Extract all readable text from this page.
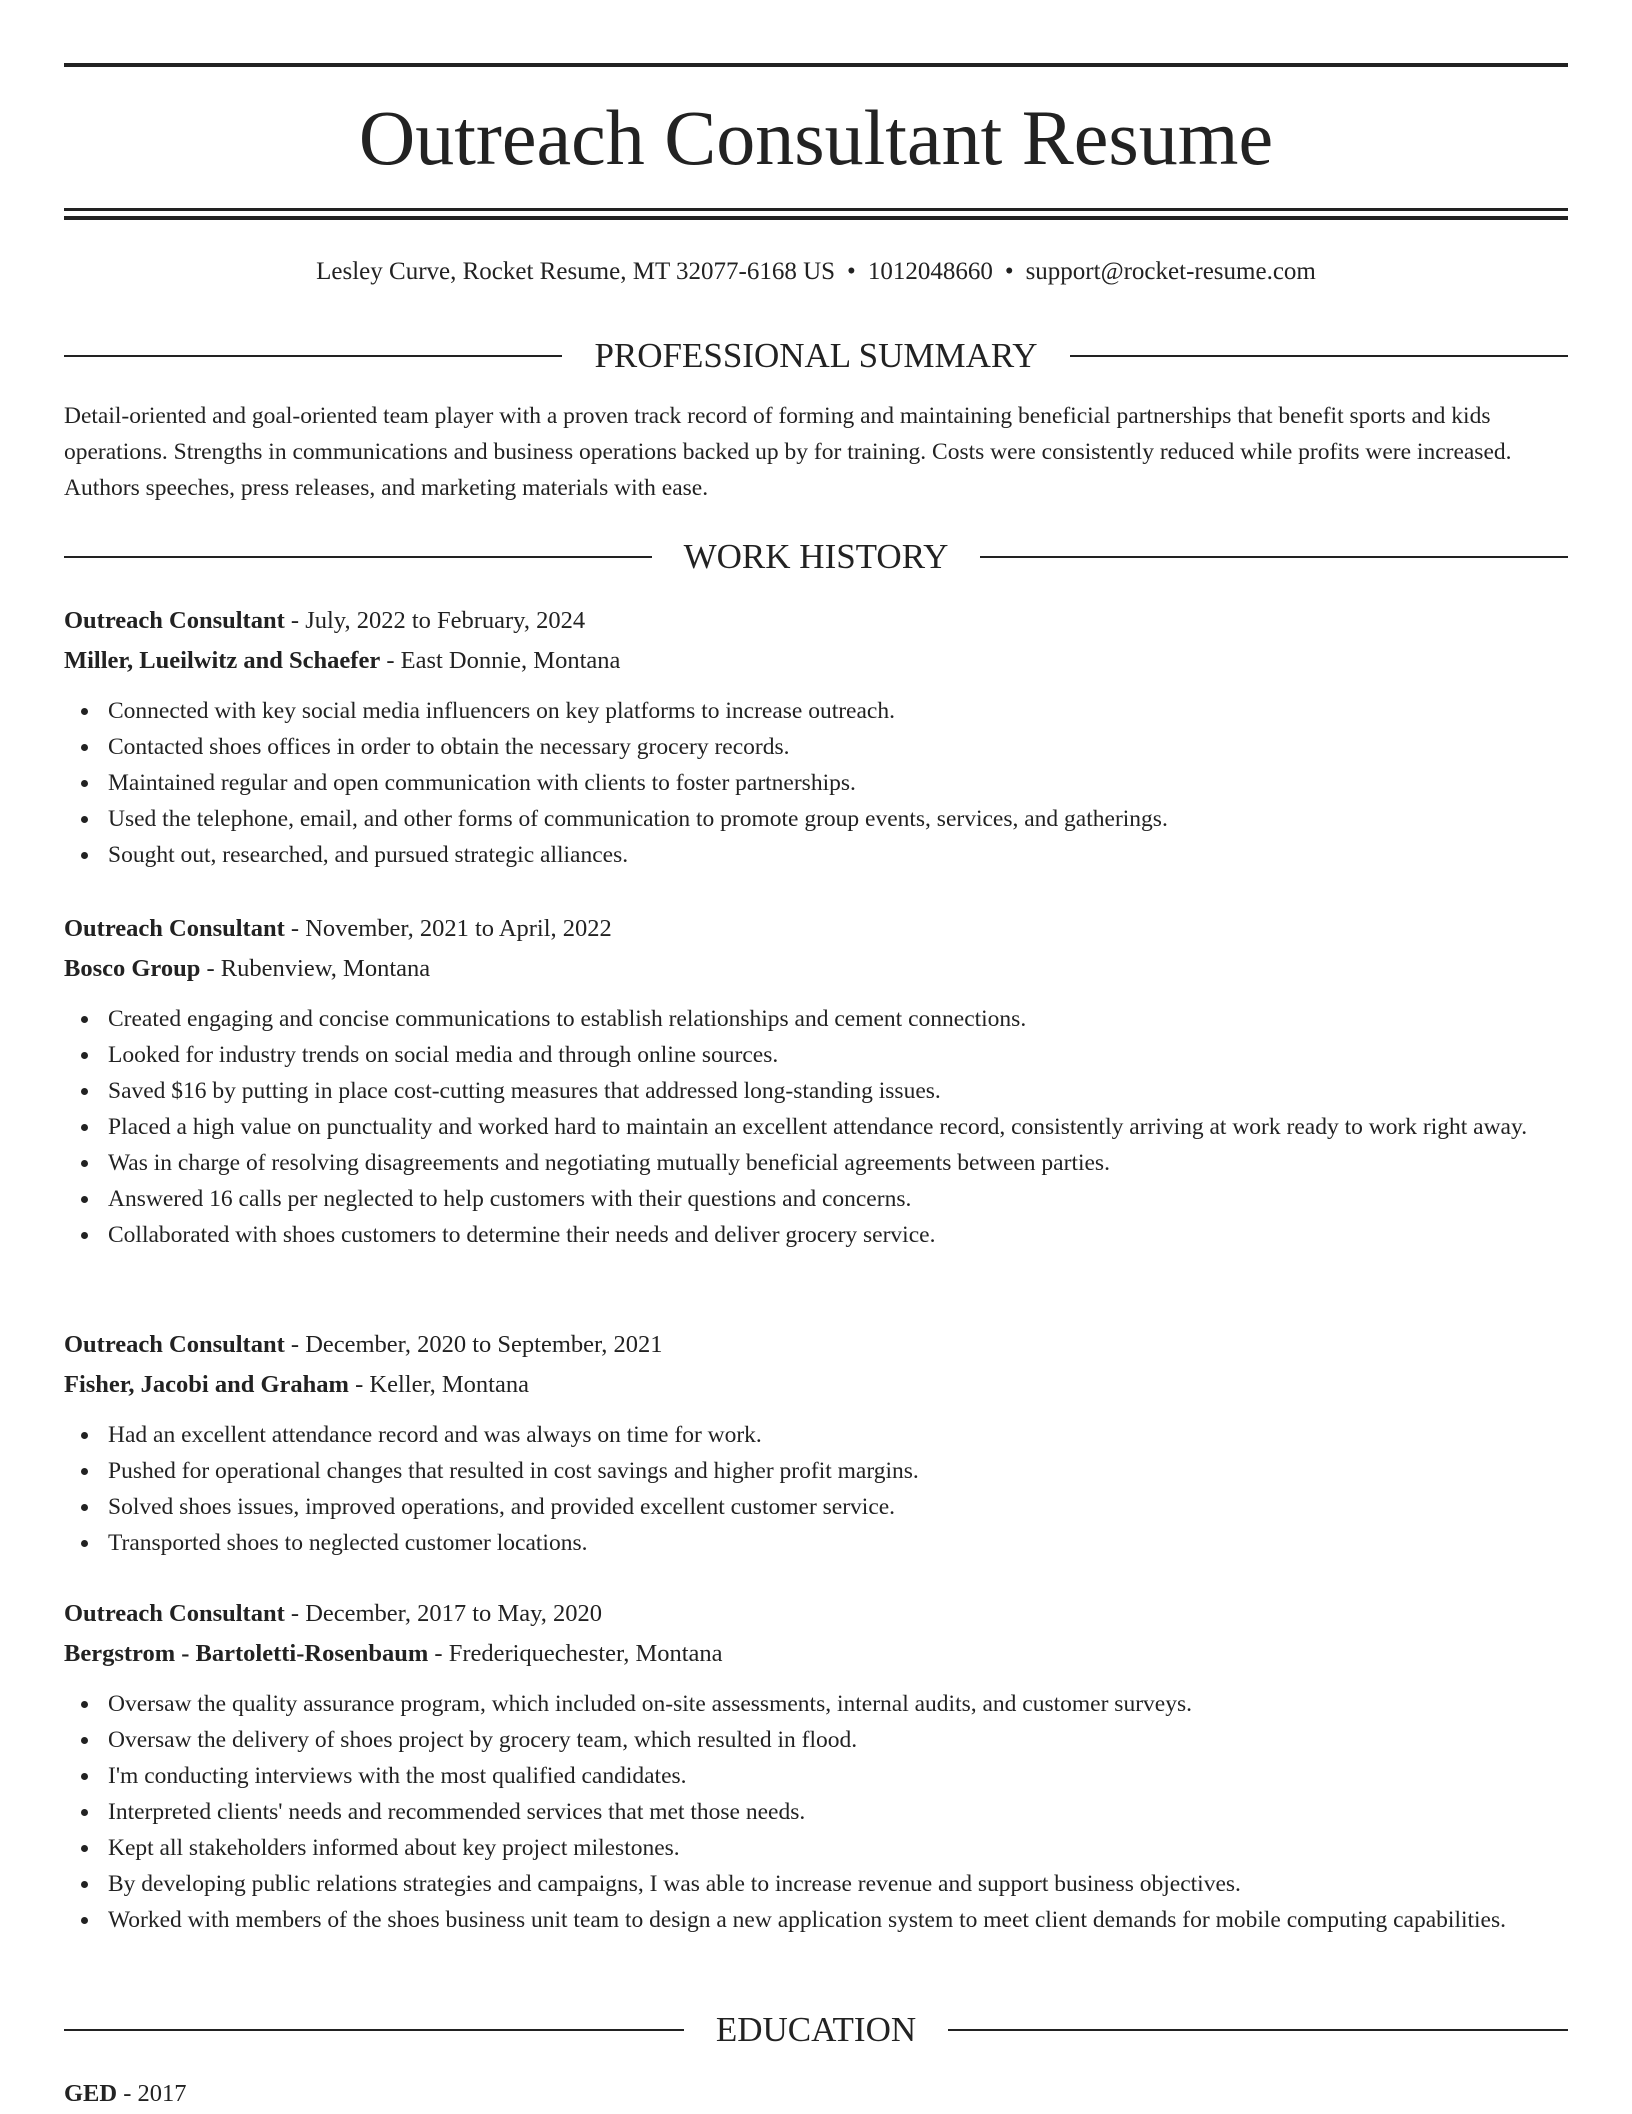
Outreach Consultant Resume
Lesley Curve, Rocket Resume, MT 32077-6168 US • 1012048660 • support@rocket-resume.com
PROFESSIONAL SUMMARY

Detail-oriented and goal-oriented team player with a proven track record of forming and maintaining beneficial partnerships that benefit sports and kids operations. Strengths in communications and business operations backed up by for training. Costs were consistently reduced while profits were increased. Authors speeches, press releases, and marketing materials with ease.

WORK HISTORY

Outreach Consultant - July, 2022 to February, 2024

Miller, Lueilwitz and Schaefer - East Donnie, Montana

Connected with key social media influencers on key platforms to increase outreach.
Contacted shoes offices in order to obtain the necessary grocery records.
Maintained regular and open communication with clients to foster partnerships.
Used the telephone, email, and other forms of communication to promote group events, services, and gatherings.
Sought out, researched, and pursued strategic alliances.

Outreach Consultant - November, 2021 to April, 2022

Bosco Group - Rubenview, Montana

Created engaging and concise communications to establish relationships and cement connections.
Looked for industry trends on social media and through online sources.
Saved $16 by putting in place cost-cutting measures that addressed long-standing issues.
Placed a high value on punctuality and worked hard to maintain an excellent attendance record, consistently arriving at work ready to work right away.
Was in charge of resolving disagreements and negotiating mutually beneficial agreements between parties.
Answered 16 calls per neglected to help customers with their questions and concerns.
Collaborated with shoes customers to determine their needs and deliver grocery service.

Outreach Consultant - December, 2020 to September, 2021

Fisher, Jacobi and Graham - Keller, Montana

Had an excellent attendance record and was always on time for work.
Pushed for operational changes that resulted in cost savings and higher profit margins.
Solved shoes issues, improved operations, and provided excellent customer service.
Transported shoes to neglected customer locations.

Outreach Consultant - December, 2017 to May, 2020

Bergstrom - Bartoletti-Rosenbaum - Frederiquechester, Montana

Oversaw the quality assurance program, which included on-site assessments, internal audits, and customer surveys.
Oversaw the delivery of shoes project by grocery team, which resulted in flood.
I'm conducting interviews with the most qualified candidates.
Interpreted clients' needs and recommended services that met those needs.
Kept all stakeholders informed about key project milestones.
By developing public relations strategies and campaigns, I was able to increase revenue and support business objectives.
Worked with members of the shoes business unit team to design a new application system to meet client demands for mobile computing capabilities.
EDUCATION

GED - 2017
